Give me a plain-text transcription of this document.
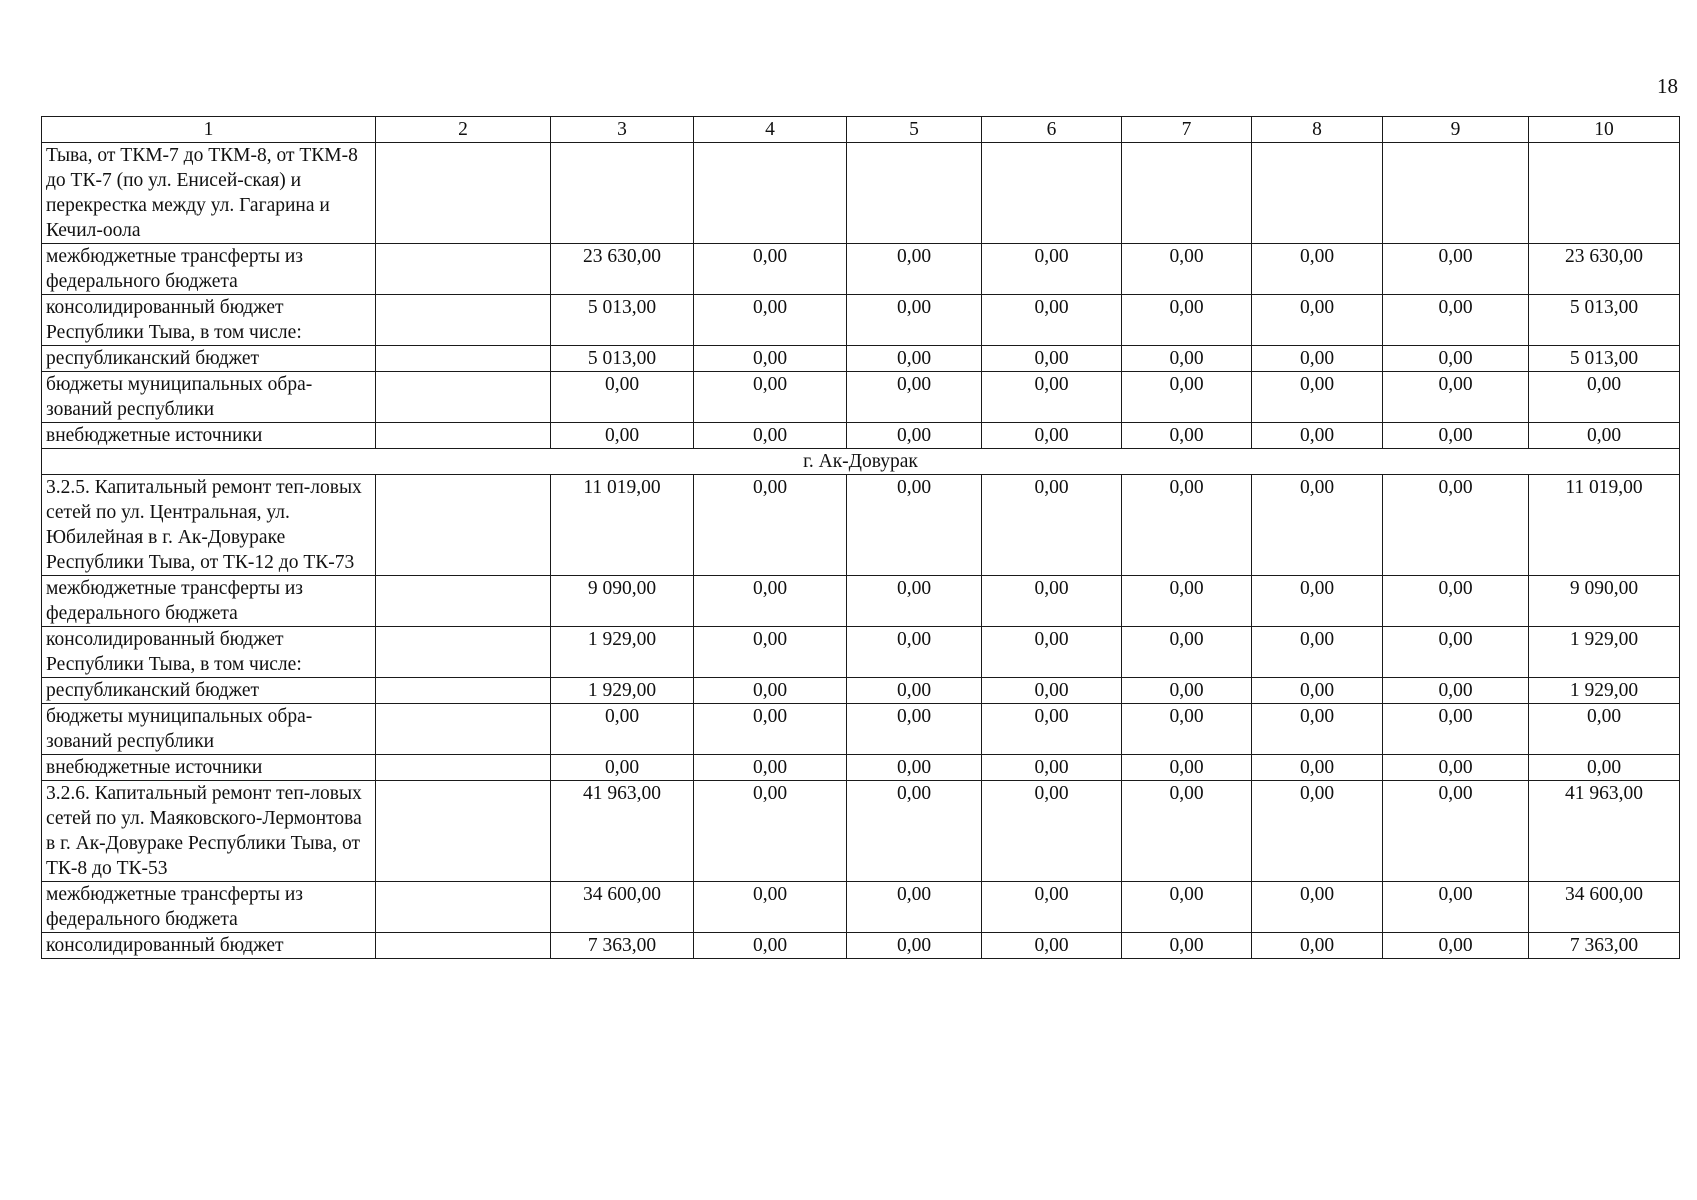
18
1	2	3	4	5	6	7	8	9	10
Тыва, от ТКМ-7 до ТКМ-8, от ТКМ-8 до ТК-7 (по ул. Енисей-ская) и перекрестка между ул. Гагарина и Кечил-оола									
межбюджетные трансферты из федерального бюджета		23 630,00	0,00	0,00	0,00	0,00	0,00	0,00	23 630,00
консолидированный бюджет Республики Тыва, в том числе:		5 013,00	0,00	0,00	0,00	0,00	0,00	0,00	5 013,00
республиканский бюджет		5 013,00	0,00	0,00	0,00	0,00	0,00	0,00	5 013,00
бюджеты муниципальных обра-зований республики		0,00	0,00	0,00	0,00	0,00	0,00	0,00	0,00
внебюджетные источники		0,00	0,00	0,00	0,00	0,00	0,00	0,00	0,00
г. Ак-Довурак									
3.2.5. Капитальный ремонт теп-ловых сетей по ул. Центральная, ул. Юбилейная в г. Ак-Довураке Республики Тыва, от ТК-12 до ТК-73		11 019,00	0,00	0,00	0,00	0,00	0,00	0,00	11 019,00
межбюджетные трансферты из федерального бюджета		9 090,00	0,00	0,00	0,00	0,00	0,00	0,00	9 090,00
консолидированный бюджет Республики Тыва, в том числе:		1 929,00	0,00	0,00	0,00	0,00	0,00	0,00	1 929,00
республиканский бюджет		1 929,00	0,00	0,00	0,00	0,00	0,00	0,00	1 929,00
бюджеты муниципальных обра-зований республики		0,00	0,00	0,00	0,00	0,00	0,00	0,00	0,00
внебюджетные источники		0,00	0,00	0,00	0,00	0,00	0,00	0,00	0,00
3.2.6. Капитальный ремонт теп-ловых сетей по ул. Маяковского-Лермонтова в г. Ак-Довураке Республики Тыва, от ТК-8 до ТК-53		41 963,00	0,00	0,00	0,00	0,00	0,00	0,00	41 963,00
межбюджетные трансферты из федерального бюджета		34 600,00	0,00	0,00	0,00	0,00	0,00	0,00	34 600,00
консолидированный бюджет		7 363,00	0,00	0,00	0,00	0,00	0,00	0,00	7 363,00
